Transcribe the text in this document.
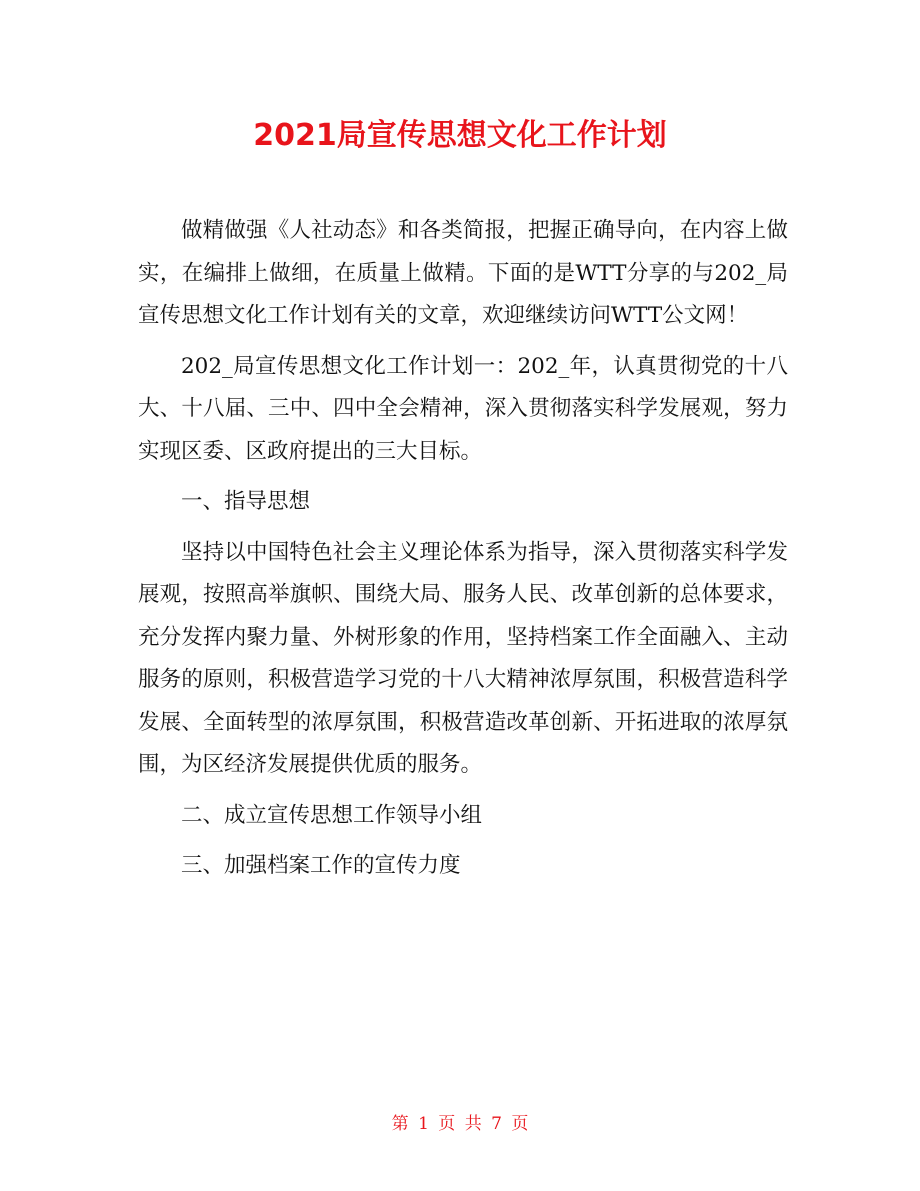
2021局宣传思想文化工作计划

做精做强《人社动态》和各类简报，把握正确导向，在内容上做实，在编排上做细，在质量上做精。下面的是WTT分享的与202_局宣传思想文化工作计划有关的文章，欢迎继续访问WTT公文网！

202_局宣传思想文化工作计划一：202_年，认真贯彻党的十八大、十八届、三中、四中全会精神，深入贯彻落实科学发展观，努力实现区委、区政府提出的三大目标。

一、指导思想

坚持以中国特色社会主义理论体系为指导，深入贯彻落实科学发展观，按照高举旗帜、围绕大局、服务人民、改革创新的总体要求，充分发挥内聚力量、外树形象的作用，坚持档案工作全面融入、主动服务的原则，积极营造学习党的十八大精神浓厚氛围，积极营造科学发展、全面转型的浓厚氛围，积极营造改革创新、开拓进取的浓厚氛围，为区经济发展提供优质的服务。

二、成立宣传思想工作领导小组

三、加强档案工作的宣传力度

第 1 页 共 7 页
